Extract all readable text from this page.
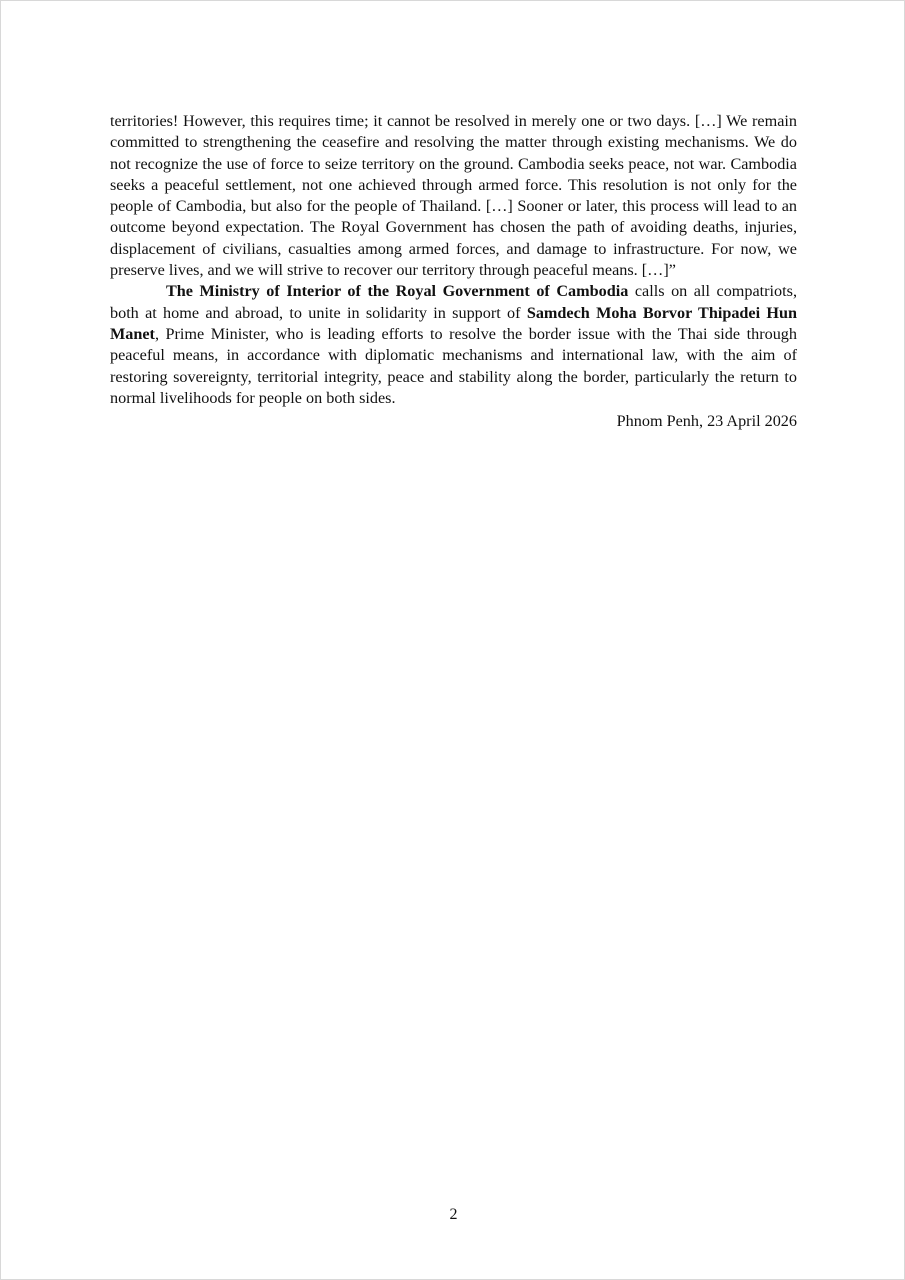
territories! However, this requires time; it cannot be resolved in merely one or two days. […] We remain committed to strengthening the ceasefire and resolving the matter through existing mechanisms. We do not recognize the use of force to seize territory on the ground. Cambodia seeks peace, not war. Cambodia seeks a peaceful settlement, not one achieved through armed force. This resolution is not only for the people of Cambodia, but also for the people of Thailand. […] Sooner or later, this process will lead to an outcome beyond expectation. The Royal Government has chosen the path of avoiding deaths, injuries, displacement of civilians, casualties among armed forces, and damage to infrastructure. For now, we preserve lives, and we will strive to recover our territory through peaceful means. […]”

The Ministry of Interior of the Royal Government of Cambodia calls on all compatriots, both at home and abroad, to unite in solidarity in support of Samdech Moha Borvor Thipadei Hun Manet, Prime Minister, who is leading efforts to resolve the border issue with the Thai side through peaceful means, in accordance with diplomatic mechanisms and international law, with the aim of restoring sovereignty, territorial integrity, peace and stability along the border, particularly the return to normal livelihoods for people on both sides.

Phnom Penh, 23 April 2026

2
